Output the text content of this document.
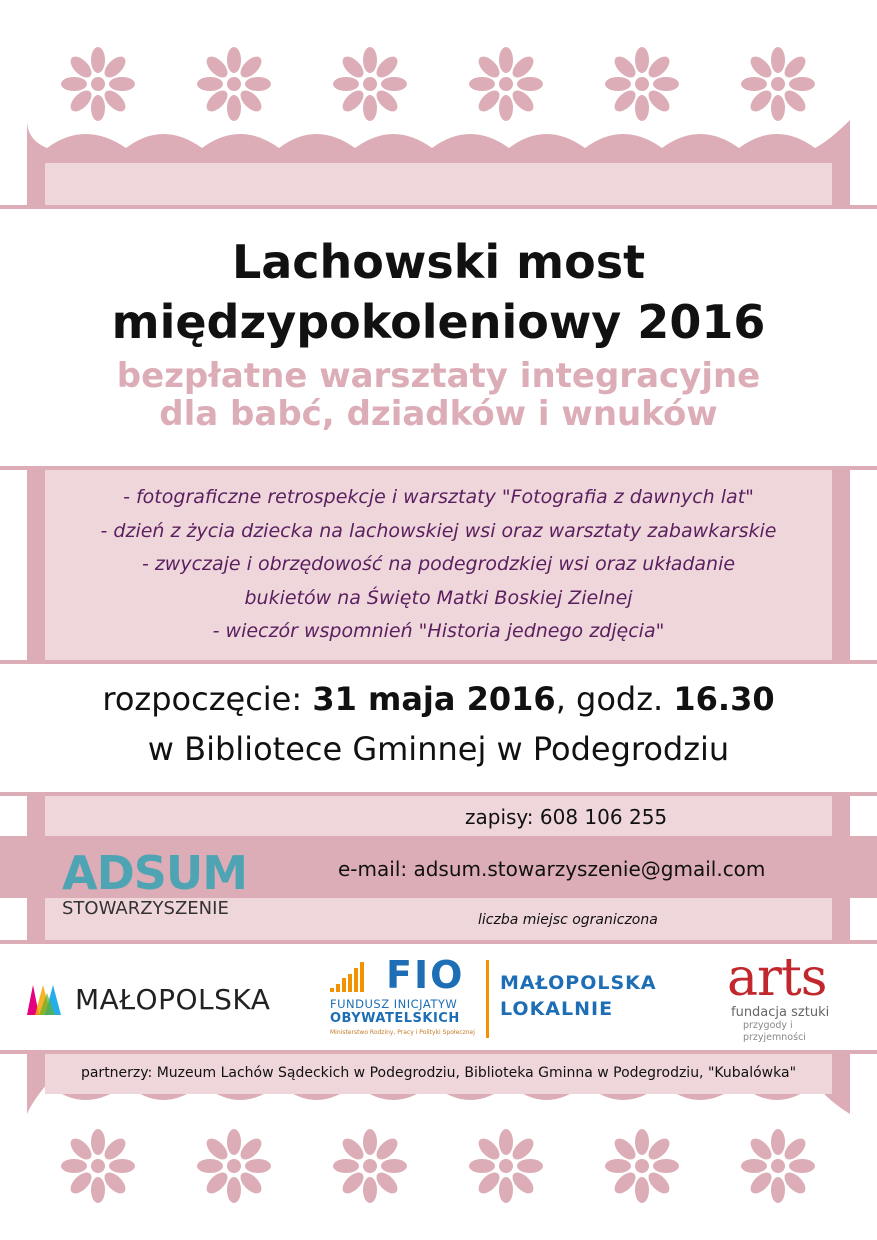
Lachowski most
międzypokoleniowy 2016
bezpłatne warsztaty integracyjne
dla babć, dziadków i wnuków
- fotograficzne retrospekcje i warsztaty "Fotografia z dawnych lat"
- dzień z życia dziecka na lachowskiej wsi oraz warsztaty zabawkarskie
- zwyczaje i obrzędowość na podegrodzkiej wsi oraz układanie
bukietów na Święto Matki Boskiej Zielnej
- wieczór wspomnień "Historia jednego zdjęcia"
rozpoczęcie: 31 maja 2016, godz. 16.30
w Bibliotece Gminnej w Podegrodziu
zapisy: 608 106 255
e-mail: adsum.stowarzyszenie@gmail.com
liczba miejsc ograniczona
ADSUM
STOWARZYSZENIE
MAŁOPOLSKA
FIO
FUNDUSZ INICJATYW
OBYWATELSKICH
Ministerstwo Rodziny, Pracy i Polityki Społecznej
MAŁOPOLSKA
LOKALNIE
arts
fundacja sztuki
przygody i przyjemności
partnerzy: Muzeum Lachów Sądeckich w Podegrodziu, Biblioteka Gminna w Podegrodziu, "Kubalówka"
